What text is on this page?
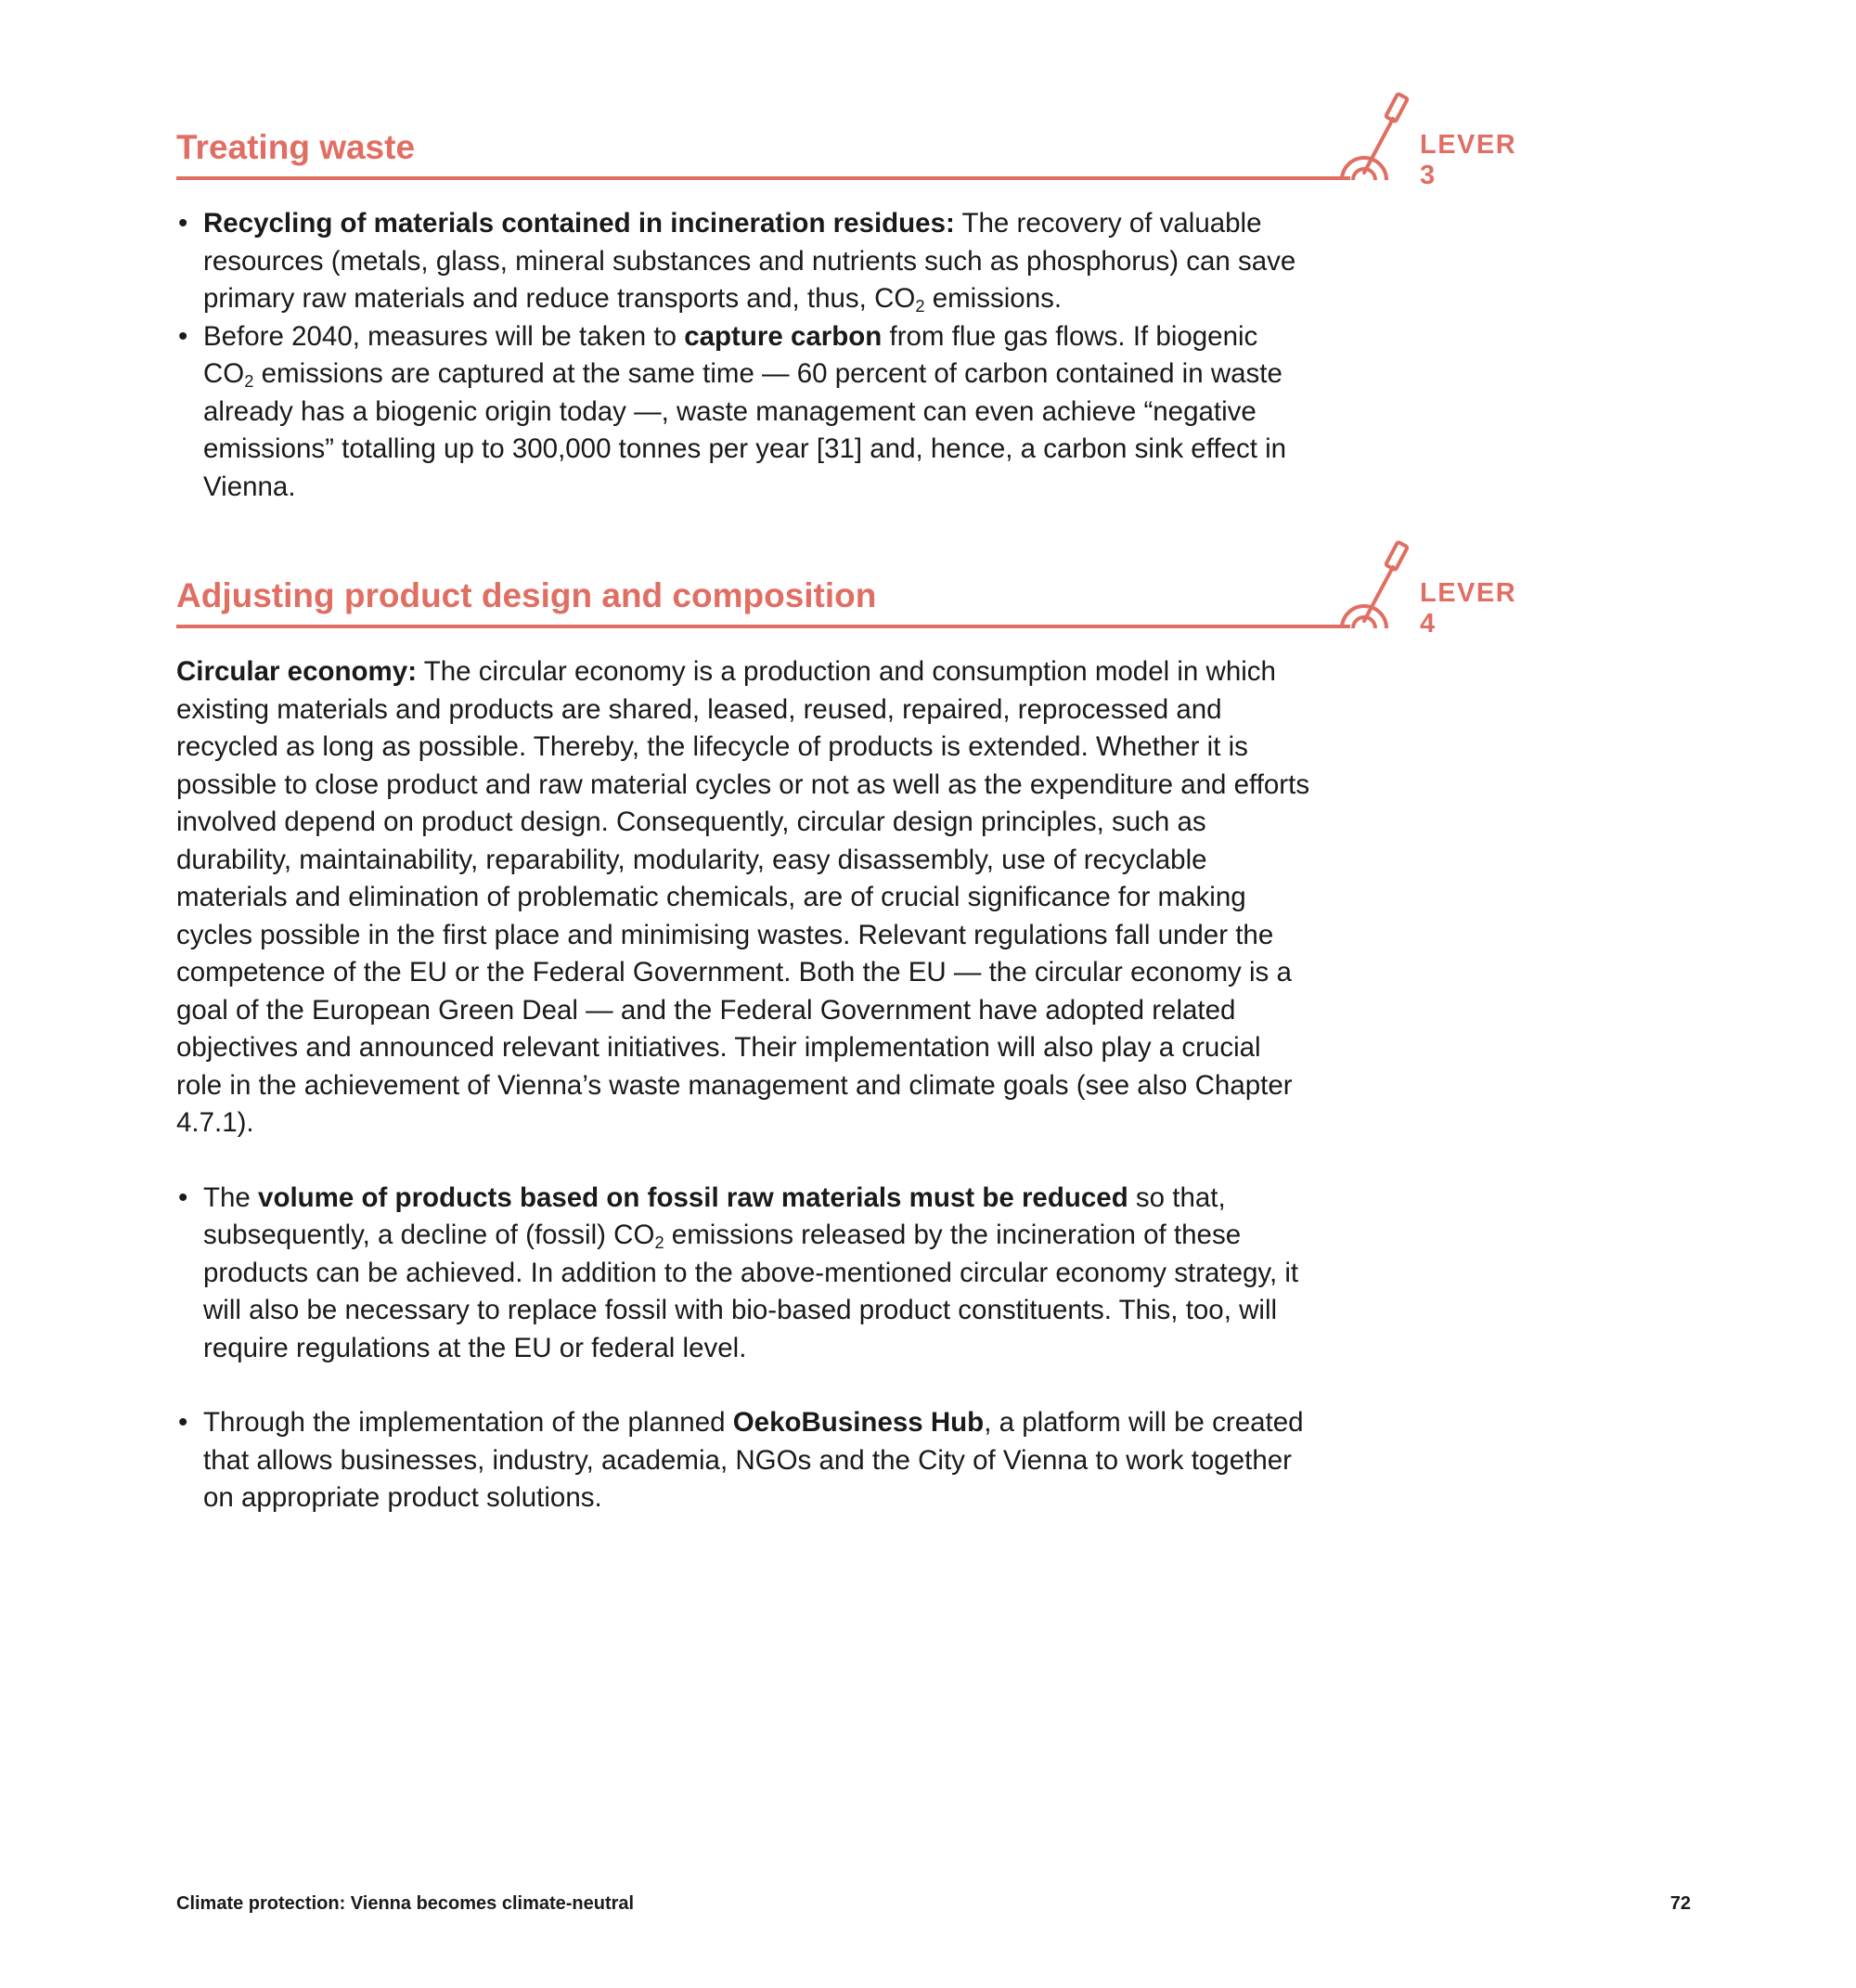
Treating waste	LEVER 3
• Recycling of materials contained in incineration residues: The recovery of valuable resources (metals, glass, mineral substances and nutrients such as phosphorus) can save primary raw materials and reduce transports and, thus, $CO_2$ emissions.
• Before 2040, measures will be taken to capture carbon from flue gas flows. If biogenic $CO_2$ emissions are captured at the same time — 60 percent of carbon contained in waste already has a biogenic origin today —, waste management can even achieve “negative emissions” totalling up to 300,000 tonnes per year [31] and, hence, a carbon sink effect in Vienna.
Adjusting product design and composition	LEVER 4

Circular economy: The circular economy is a production and consumption model in which existing materials and products are shared, leased, reused, repaired, reprocessed and recycled as long as possible. Thereby, the lifecycle of products is extended. Whether it is possible to close product and raw material cycles or not as well as the expenditure and efforts involved depend on product design. Consequently, circular design principles, such as durability, maintainability, reparability, modularity, easy disassembly, use of recyclable materials and elimination of problematic chemicals, are of crucial significance for making cycles possible in the first place and minimising wastes. Relevant regulations fall under the competence of the EU or the Federal Government. Both the EU — the circular economy is a goal of the European Green Deal — and the Federal Government have adopted related objectives and announced relevant initiatives. Their implementation will also play a crucial role in the achievement of Vienna’s waste management and climate goals (see also Chapter 4.7.1).

• The volume of products based on fossil raw materials must be reduced so that, subsequently, a decline of (fossil) $CO_2$ emissions released by the incineration of these products can be achieved. In addition to the above-mentioned circular economy strategy, it will also be necessary to replace fossil with bio-based product constituents. This, too, will require regulations at the EU or federal level.
• Through the implementation of the planned OekoBusiness Hub, a platform will be created that allows businesses, industry, academia, NGOs and the City of Vienna to work together on appropriate product solutions.
Climate protection: Vienna becomes climate-neutral	72
